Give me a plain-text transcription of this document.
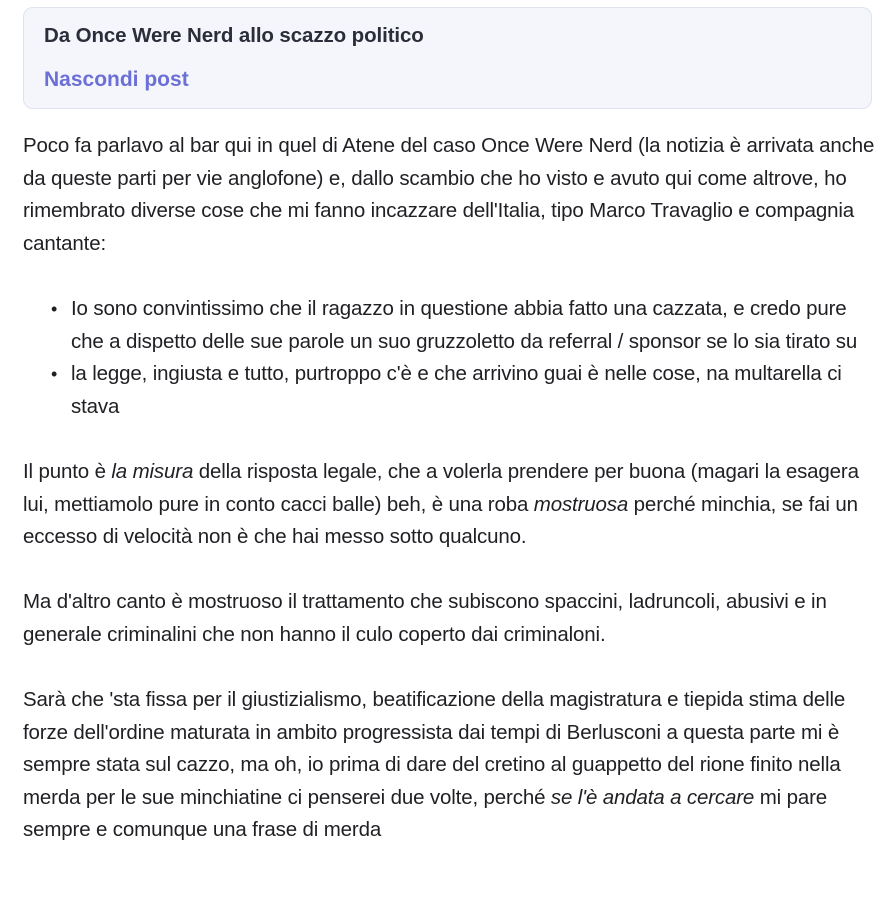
Da Once Were Nerd allo scazzo politico
Nascondi post

Poco fa parlavo al bar qui in quel di Atene del caso Once Were Nerd (la notizia è arrivata anche da queste parti per vie anglofone) e, dallo scambio che ho visto e avuto qui come altrove, ho rimembrato diverse cose che mi fanno incazzare dell'Italia, tipo Marco Travaglio e compagnia cantante:

• Io sono convintissimo che il ragazzo in questione abbia fatto una cazzata, e credo pure che a dispetto delle sue parole un suo gruzzoletto da referral / sponsor se lo sia tirato su
• la legge, ingiusta e tutto, purtroppo c'è e che arrivino guai è nelle cose, na multarella ci stava

Il punto è la misura della risposta legale, che a volerla prendere per buona (magari la esagera lui, mettiamolo pure in conto cacci balle) beh, è una roba mostruosa perché minchia, se fai un eccesso di velocità non è che hai messo sotto qualcuno.

Ma d'altro canto è mostruoso il trattamento che subiscono spaccini, ladruncoli, abusivi e in generale criminalini che non hanno il culo coperto dai criminaloni.

Sarà che 'sta fissa per il giustizialismo, beatificazione della magistratura e tiepida stima delle forze dell'ordine maturata in ambito progressista dai tempi di Berlusconi a questa parte mi è sempre stata sul cazzo, ma oh, io prima di dare del cretino al guappetto del rione finito nella merda per le sue minchiatine ci penserei due volte, perché se l'è andata a cercare mi pare sempre e comunque una frase di merda
